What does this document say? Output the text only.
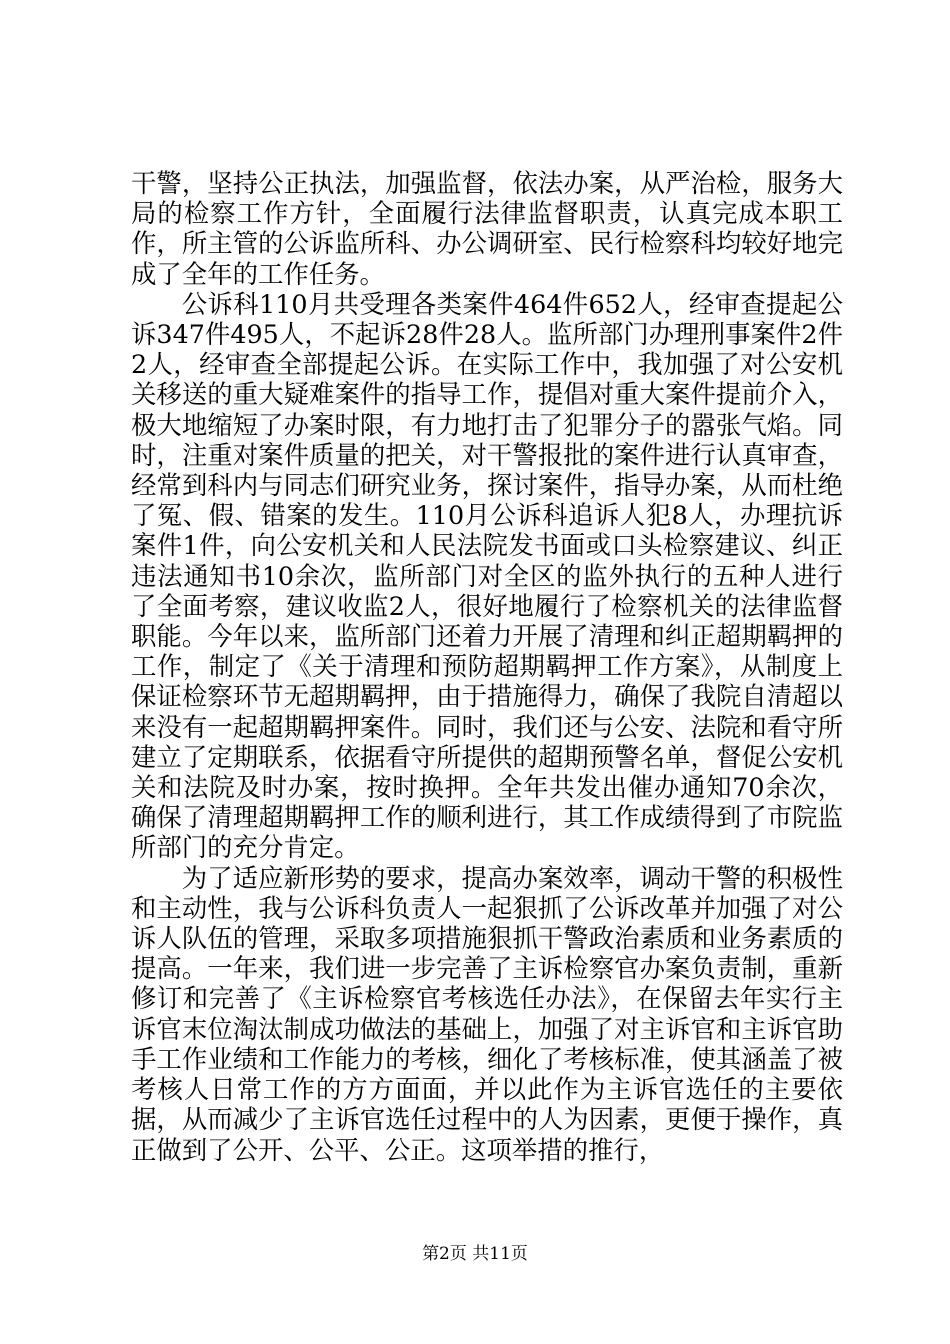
干警，坚持公正执法，加强监督，依法办案，从严治检，服务大局的检察工作方针，全面履行法律监督职责，认真完成本职工作，所主管的公诉监所科、办公调研室、民行检察科均较好地完成了全年的工作任务。

公诉科110月共受理各类案件464件652人，经审查提起公诉347件495人，不起诉28件28人。监所部门办理刑事案件2件2人，经审查全部提起公诉。在实际工作中，我加强了对公安机关移送的重大疑难案件的指导工作，提倡对重大案件提前介入，极大地缩短了办案时限，有力地打击了犯罪分子的嚣张气焰。同时，注重对案件质量的把关，对干警报批的案件进行认真审查，经常到科内与同志们研究业务，探讨案件，指导办案，从而杜绝了冤、假、错案的发生。110月公诉科追诉人犯8人，办理抗诉案件1件，向公安机关和人民法院发书面或口头检察建议、纠正违法通知书10余次，监所部门对全区的监外执行的五种人进行了全面考察，建议收监2人，很好地履行了检察机关的法律监督职能。今年以来，监所部门还着力开展了清理和纠正超期羁押的工作，制定了《关于清理和预防超期羁押工作方案》，从制度上保证检察环节无超期羁押，由于措施得力，确保了我院自清超以来没有一起超期羁押案件。同时，我们还与公安、法院和看守所建立了定期联系，依据看守所提供的超期预警名单，督促公安机关和法院及时办案，按时换押。全年共发出催办通知70余次，确保了清理超期羁押工作的顺利进行，其工作成绩得到了市院监所部门的充分肯定。

为了适应新形势的要求，提高办案效率，调动干警的积极性和主动性，我与公诉科负责人一起狠抓了公诉改革并加强了对公诉人队伍的管理，采取多项措施狠抓干警政治素质和业务素质的提高。一年来，我们进一步完善了主诉检察官办案负责制，重新修订和完善了《主诉检察官考核选任办法》，在保留去年实行主诉官末位淘汰制成功做法的基础上，加强了对主诉官和主诉官助手工作业绩和工作能力的考核，细化了考核标准，使其涵盖了被考核人日常工作的方方面面，并以此作为主诉官选任的主要依据，从而减少了主诉官选任过程中的人为因素，更便于操作，真正做到了公开、公平、公正。这项举措的推行，

第2页 共11页
